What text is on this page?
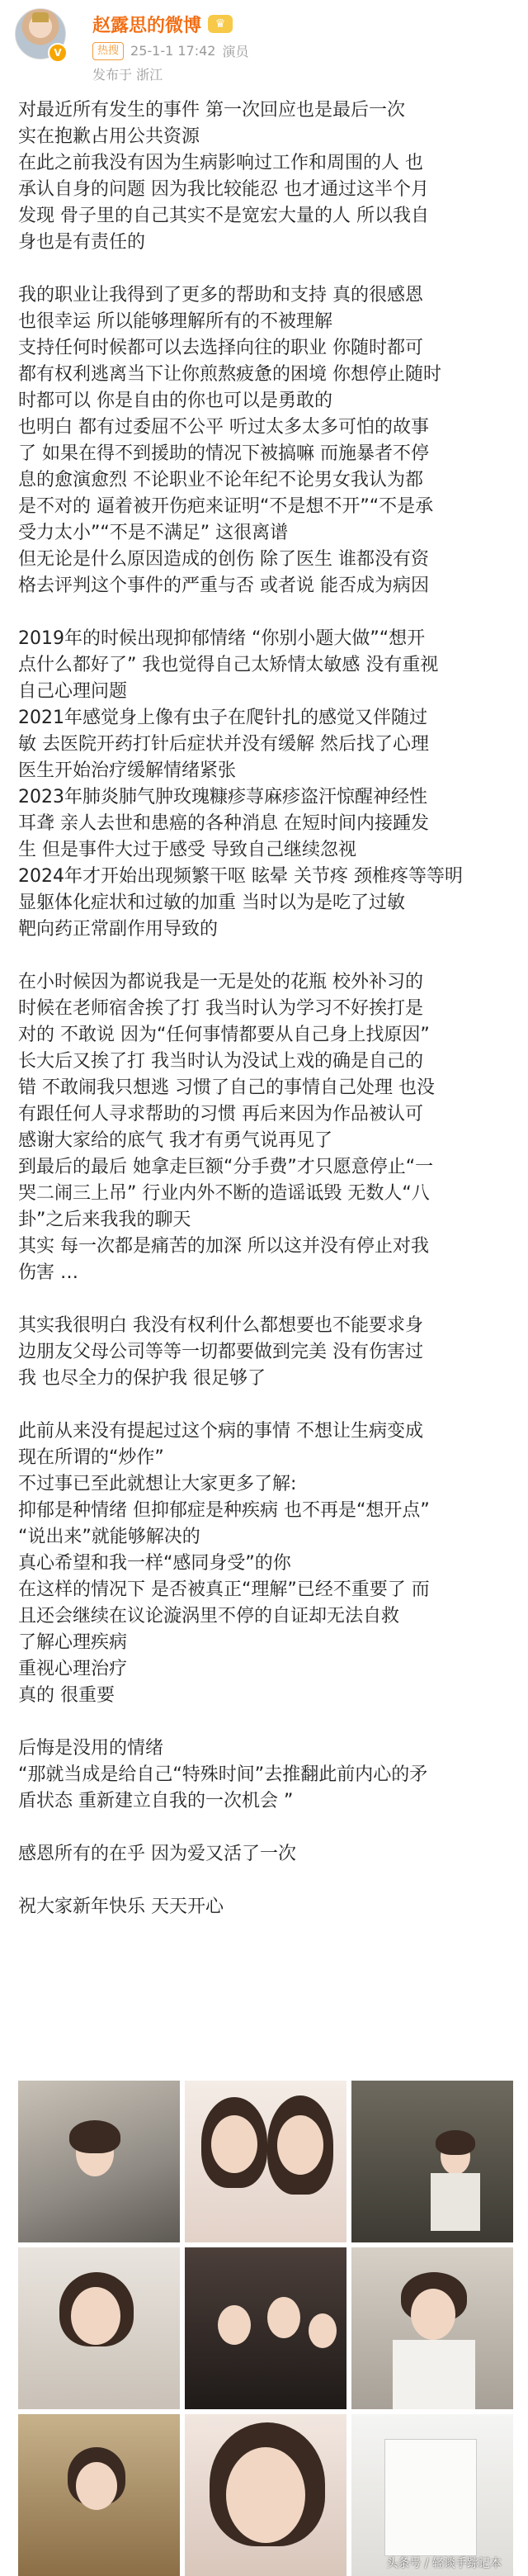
V
赵露思的微博	♛
热搜 25-1-1 17:42 演员
发布于 浙江

对最近所有发生的事件 第一次回应也是最后一次
实在抱歉占用公共资源
在此之前我没有因为生病影响过工作和周围的人 也
承认自身的问题 因为我比较能忍 也才通过这半个月
发现 骨子里的自己其实不是宽宏大量的人 所以我自
身也是有责任的

我的职业让我得到了更多的帮助和支持 真的很感恩
也很幸运 所以能够理解所有的不被理解
支持任何时候都可以去选择向往的职业 你随时都可
都有权利逃离当下让你煎熬疲惫的困境 你想停止随时
时都可以 你是自由的你也可以是勇敢的
也明白 都有过委屈不公平 听过太多太多可怕的故事
了 如果在得不到援助的情况下被搞嘛 而施暴者不停
息的愈演愈烈 不论职业不论年纪不论男女我认为都
是不对的 逼着被开伤疤来证明“不是想不开”“不是承
受力太小”“不是不满足” 这很离谱
但无论是什么原因造成的创伤 除了医生 谁都没有资
格去评判这个事件的严重与否 或者说 能否成为病因

2019年的时候出现抑郁情绪 “你别小题大做”“想开
点什么都好了” 我也觉得自己太矫情太敏感 没有重视
自己心理问题
2021年感觉身上像有虫子在爬针扎的感觉又伴随过
敏 去医院开药打针后症状并没有缓解 然后找了心理
医生开始治疗缓解情绪紧张
2023年肺炎肺气肿玫瑰糠疹荨麻疹盗汗惊醒神经性
耳聋 亲人去世和患癌的各种消息 在短时间内接踵发
生 但是事件大过于感受 导致自己继续忽视
2024年才开始出现频繁干呕 眩晕 关节疼 颈椎疼等等明
显躯体化症状和过敏的加重 当时以为是吃了过敏
靶向药正常副作用导致的

在小时候因为都说我是一无是处的花瓶 校外补习的
时候在老师宿舍挨了打 我当时认为学习不好挨打是
对的 不敢说 因为“任何事情都要从自己身上找原因”
长大后又挨了打 我当时认为没试上戏的确是自己的
错 不敢闹我只想逃 习惯了自己的事情自己处理 也没
有跟任何人寻求帮助的习惯 再后来因为作品被认可
感谢大家给的底气 我才有勇气说再见了
到最后的最后 她拿走巨额“分手费”才只愿意停止“一
哭二闹三上吊” 行业内外不断的造谣诋毁 无数人“八
卦”之后来我我的聊天
其实 每一次都是痛苦的加深 所以这并没有停止对我
伤害 …

其实我很明白 我没有权利什么都想要也不能要求身
边朋友父母公司等等一切都要做到完美 没有伤害过
我 也尽全力的保护我 很足够了

此前从来没有提起过这个病的事情 不想让生病变成
现在所谓的“炒作”
不过事已至此就想让大家更多了解:
抑郁是种情绪 但抑郁症是种疾病 也不再是“想开点”
“说出来”就能够解决的
真心希望和我一样“感同身受”的你
在这样的情况下 是否被真正“理解”已经不重要了 而
且还会继续在议论漩涡里不停的自证却无法自救
了解心理疾病
重视心理治疗
真的 很重要

后悔是没用的情绪
“那就当成是给自己“特殊时间”去推翻此前内心的矛
盾状态 重新建立自我的一次机会 ”

感恩所有的在乎 因为爱又活了一次

祝大家新年快乐 天天开心

头条号 / 轻谈手踪记本
